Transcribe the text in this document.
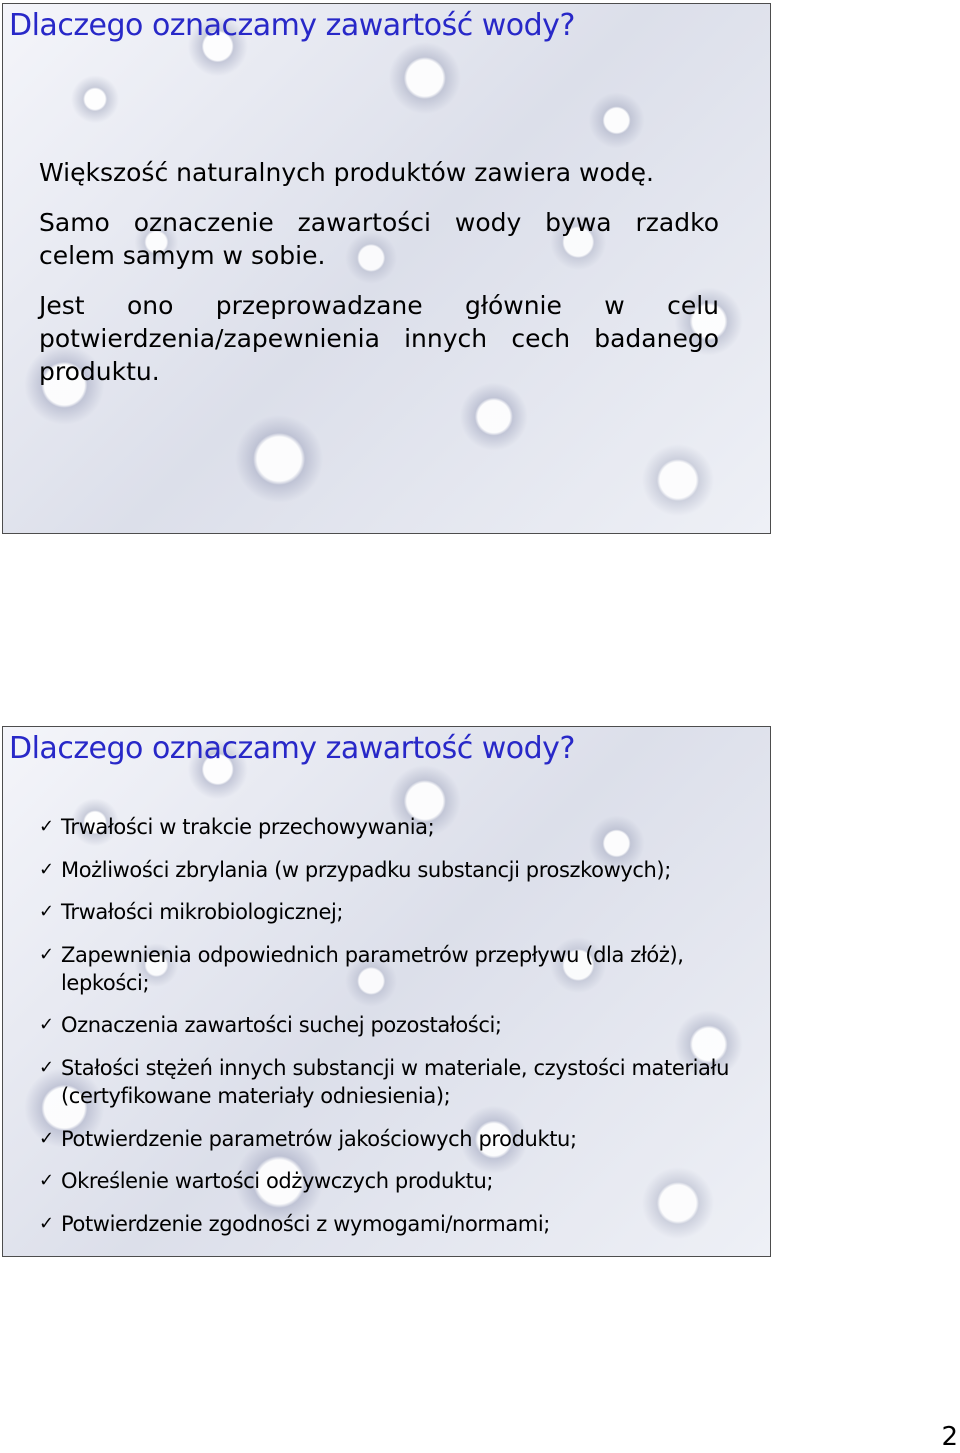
Dlaczego oznaczamy zawartość wody?

Większość naturalnych produktów zawiera wodę.

Samo oznaczenie zawartości wody bywa rzadko celem samym w sobie.

Jest ono przeprowadzane głównie w celu potwierdzenia/zapewnienia innych cech badanego produktu.

Dlaczego oznaczamy zawartość wody?
✓ Trwałości w trakcie przechowywania;
✓ Możliwości zbrylania (w przypadku substancji proszkowych);
✓ Trwałości mikrobiologicznej;
✓ Zapewnienia odpowiednich parametrów przepływu (dla złóż), lepkości;
✓ Oznaczenia zawartości suchej pozostałości;
✓ Stałości stężeń innych substancji w materiale, czystości materiału (certyfikowane materiały odniesienia);
✓ Potwierdzenie parametrów jakościowych produktu;
✓ Określenie wartości odżywczych produktu;
✓ Potwierdzenie zgodności z wymogami/normami;
2
